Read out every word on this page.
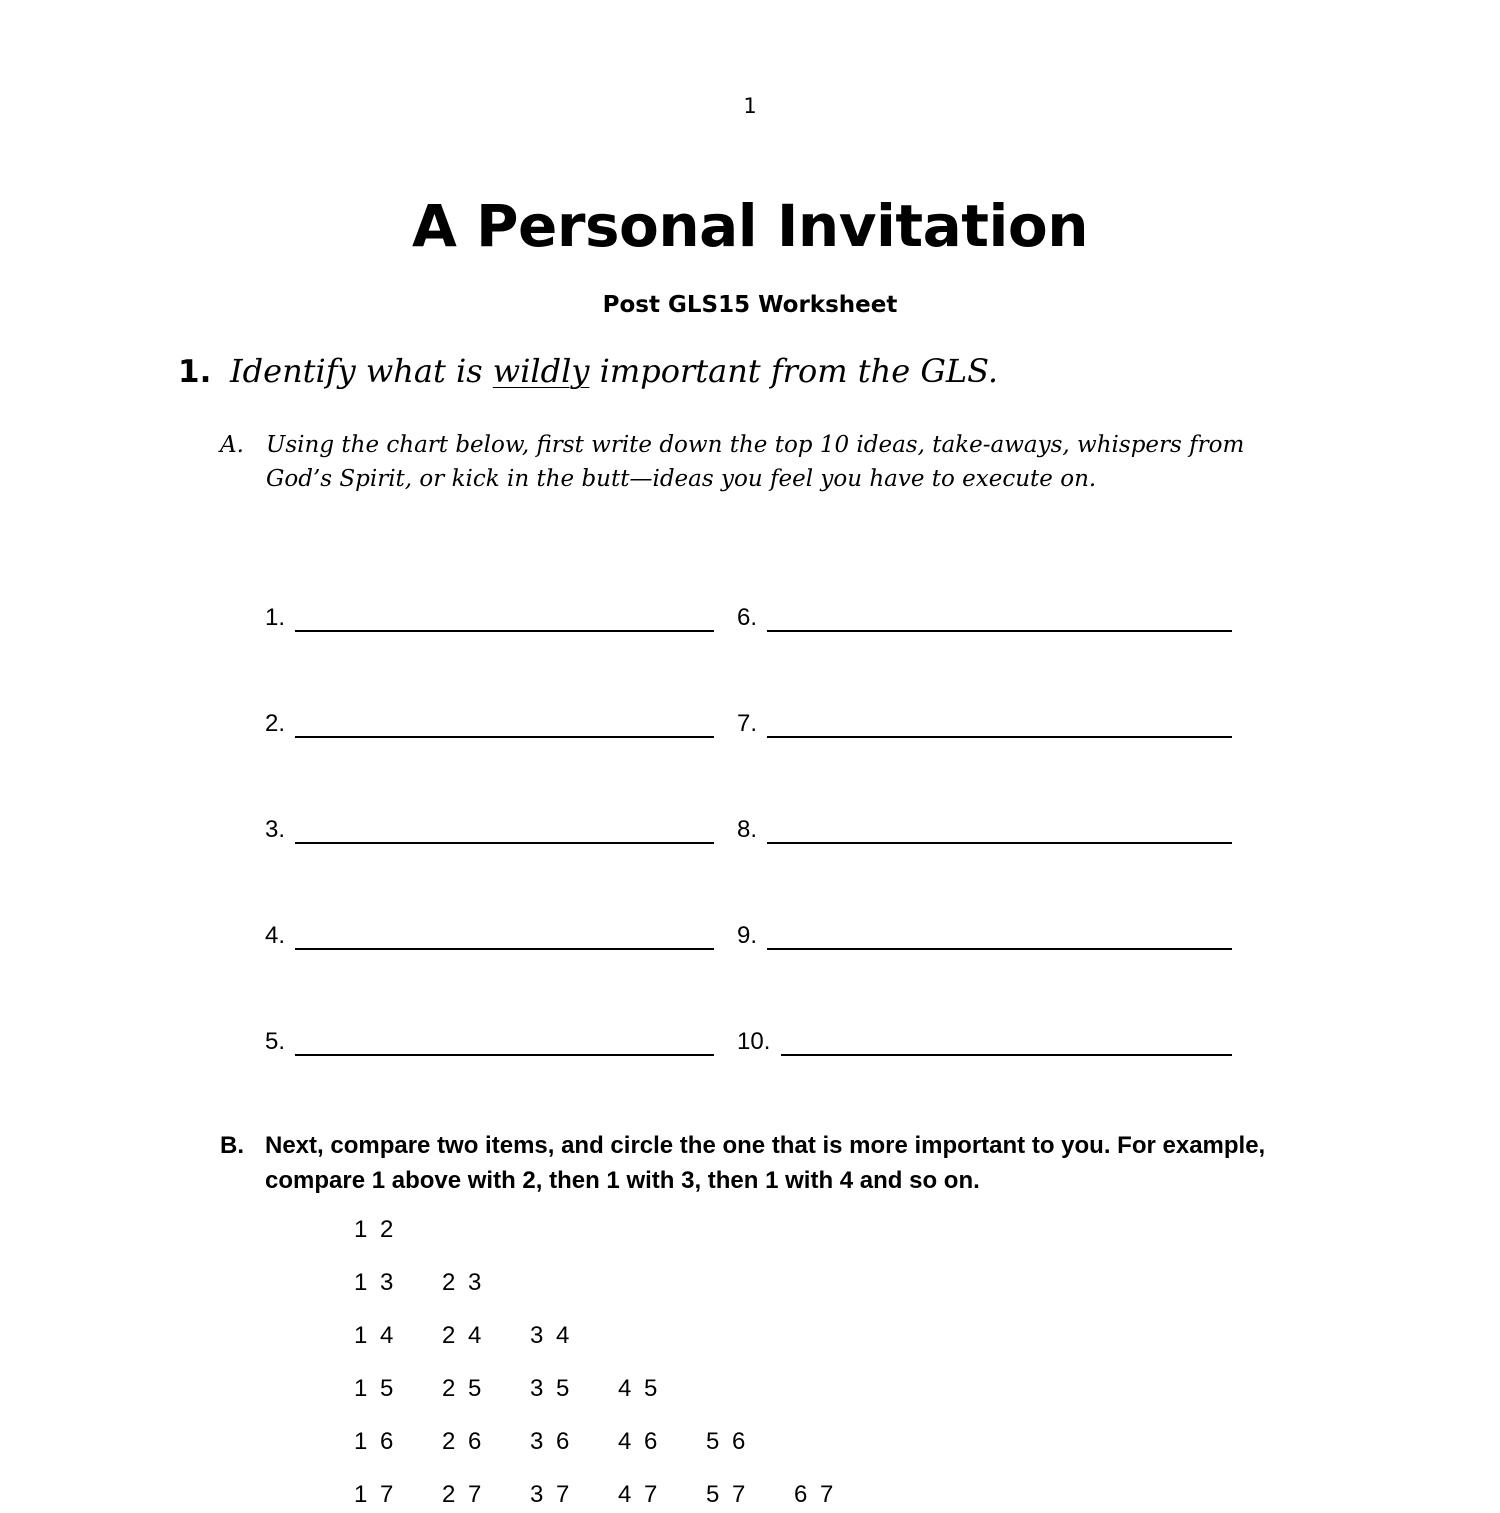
1
A Personal Invitation
Post GLS15 Worksheet
1. Identify what is wildly important from the GLS.
A. Using the chart below, first write down the top 10 ideas, take-aways, whispers from God’s Spirit, or kick in the butt—ideas you feel you have to execute on.
1.
2.
3.
4.
5.
6.
7.
8.
9.
10.
B. Next, compare two items, and circle the one that is more important to you. For example, compare 1 above with 2, then 1 with 3, then 1 with 4 and so on.
1 2
1 3 2 3
1 4 2 4 3 4
1 5 2 5 3 5 4 5
1 6 2 6 3 6 4 6 5 6
1 7 2 7 3 7 4 7 5 7 6 7
